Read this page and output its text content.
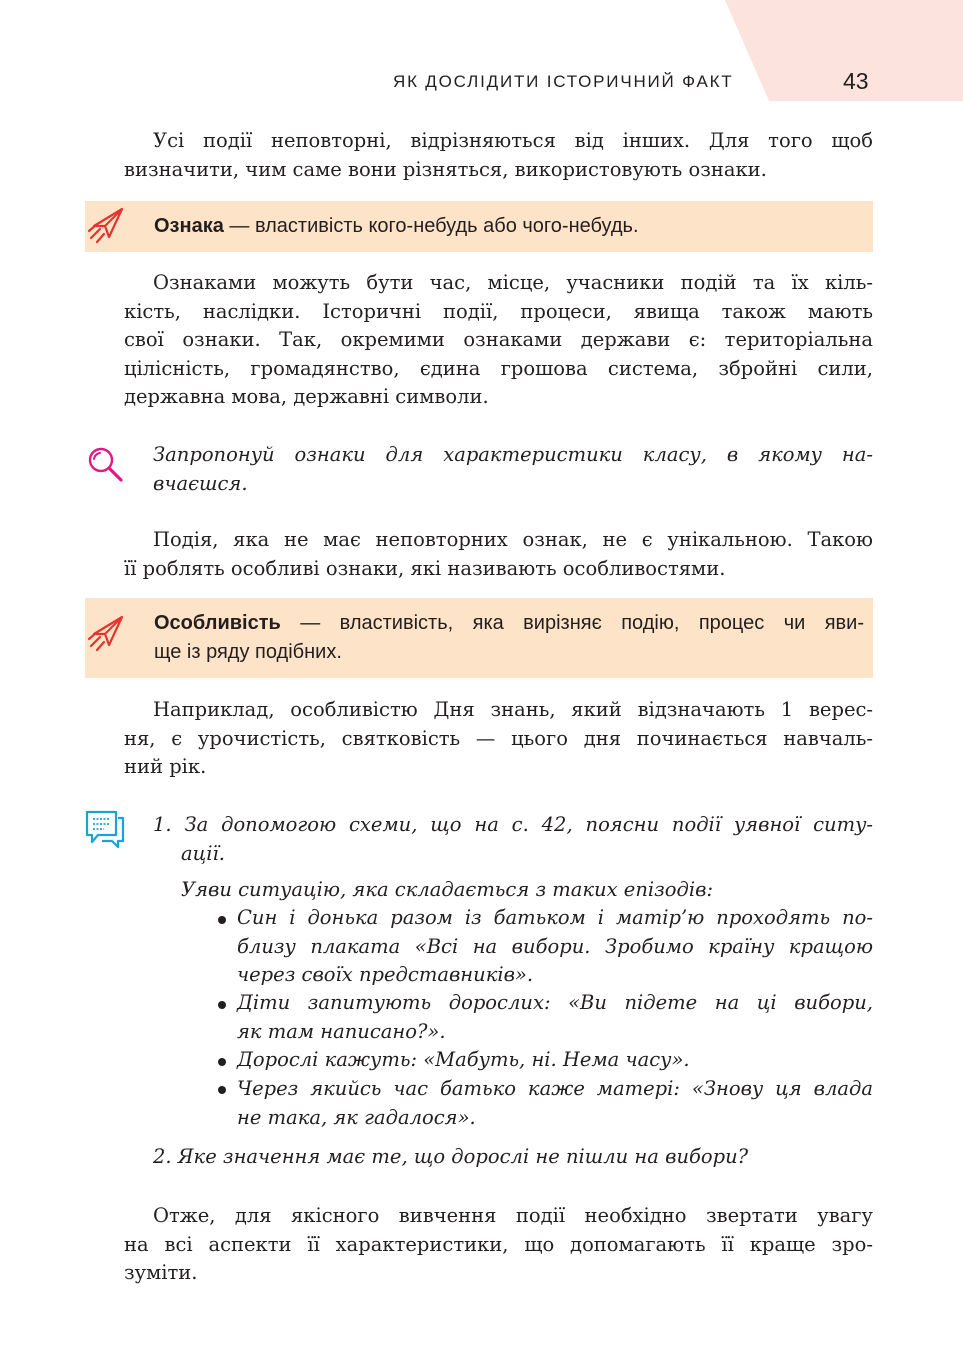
ЯК ДОСЛІДИТИ ІСТОРИЧНИЙ ФАКТ	43
Усі події неповторні, відрізняються від інших. Для того щоб
визначити, чим саме вони різняться, використовують ознаки.
Ознака — властивість кого-небудь або чого-небудь.
Ознаками можуть бути час, місце, учасники подій та їх кіль-
кість, наслідки. Історичні події, процеси, явища також мають
свої ознаки. Так, окремими ознаками держави є: територіальна
цілісність, громадянство, єдина грошова система, збройні сили,
державна мова, державні символи.
Запропонуй ознаки для характеристики класу, в якому на-
вчаєшся.
Подія, яка не має неповторних ознак, не є унікальною. Такою
її роблять особливі ознаки, які називають особливостями.
Особливість — властивість, яка вирізняє подію, процес чи яви-
ще із ряду подібних.
Наприклад, особливістю Дня знань, який відзначають 1 верес-
ня, є урочистість, святковість — цього дня починається навчаль-
ний рік.
1. За допомогою схеми, що на с. 42, поясни події уявної ситу-
ації.
Уяви ситуацію, яка складається з таких епізодів:
Син і донька разом із батьком і матір’ю проходять по-
близу плаката «Всі на вибори. Зробимо країну кращою
через своїх представників».
Діти запитують дорослих: «Ви підете на ці вибори,
як там написано?».
Дорослі кажуть: «Мабуть, ні. Нема часу».
Через якийсь час батько каже матері: «Знову ця влада
не така, як гадалося».
2. Яке значення має те, що дорослі не пішли на вибори?
Отже, для якісного вивчення події необхідно звертати увагу
на всі аспекти її характеристики, що допомагають її краще зро-
зуміти.
